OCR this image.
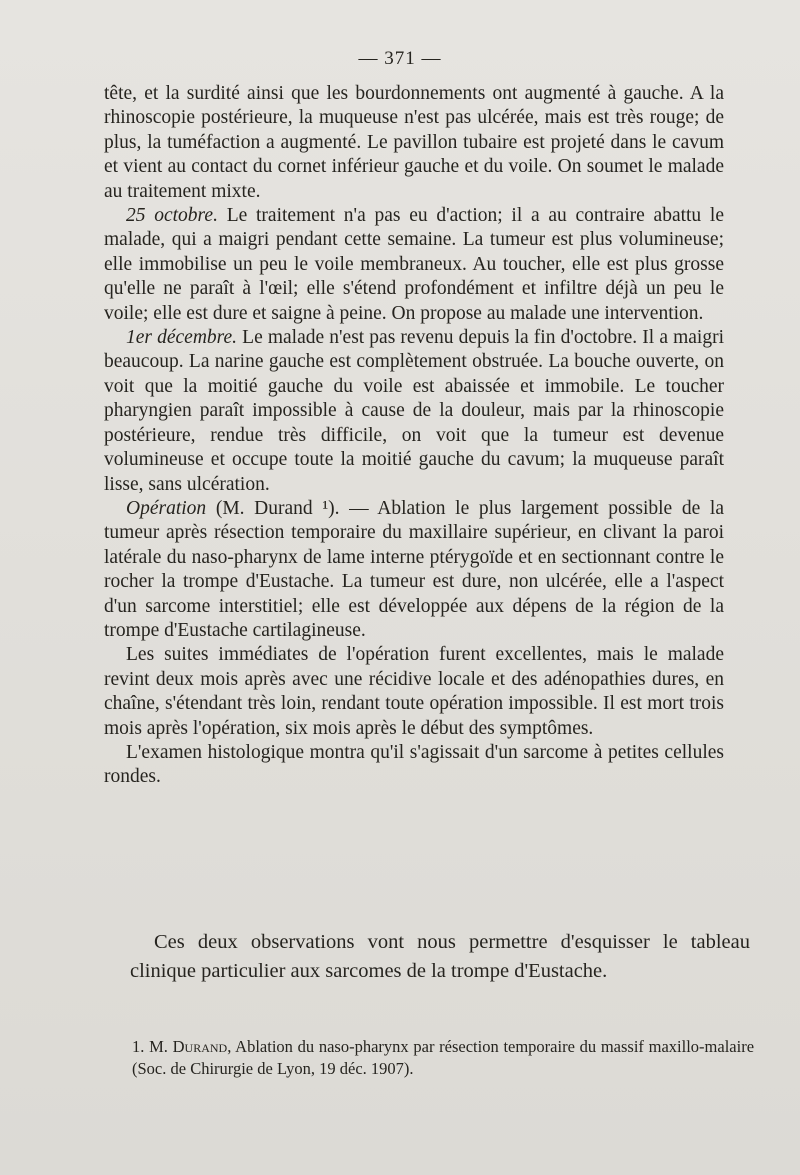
— 371 —

tête, et la surdité ainsi que les bourdonnements ont augmenté à gauche. A la rhinoscopie postérieure, la muqueuse n'est pas ulcérée, mais est très rouge; de plus, la tuméfaction a augmenté. Le pavillon tubaire est projeté dans le cavum et vient au contact du cornet inférieur gauche et du voile. On soumet le malade au traitement mixte.

25 octobre. Le traitement n'a pas eu d'action; il a au contraire abattu le malade, qui a maigri pendant cette semaine. La tumeur est plus volumineuse; elle immobilise un peu le voile membraneux. Au toucher, elle est plus grosse qu'elle ne paraît à l'œil; elle s'étend profondément et infiltre déjà un peu le voile; elle est dure et saigne à peine. On propose au malade une intervention.

1er décembre. Le malade n'est pas revenu depuis la fin d'octobre. Il a maigri beaucoup. La narine gauche est complètement obstruée. La bouche ouverte, on voit que la moitié gauche du voile est abaissée et immobile. Le toucher pharyngien paraît impossible à cause de la douleur, mais par la rhinoscopie postérieure, rendue très difficile, on voit que la tumeur est devenue volumineuse et occupe toute la moitié gauche du cavum; la muqueuse paraît lisse, sans ulcération.

Opération (M. Durand ¹). — Ablation le plus largement possible de la tumeur après résection temporaire du maxillaire supérieur, en clivant la paroi latérale du naso-pharynx de lame interne ptérygoïde et en sectionnant contre le rocher la trompe d'Eustache. La tumeur est dure, non ulcérée, elle a l'aspect d'un sarcome interstitiel; elle est développée aux dépens de la région de la trompe d'Eustache cartilagineuse.

Les suites immédiates de l'opération furent excellentes, mais le malade revint deux mois après avec une récidive locale et des adénopathies dures, en chaîne, s'étendant très loin, rendant toute opération impossible. Il est mort trois mois après l'opération, six mois après le début des symptômes.

L'examen histologique montra qu'il s'agissait d'un sarcome à petites cellules rondes.

Ces deux observations vont nous permettre d'esquisser le tableau clinique particulier aux sarcomes de la trompe d'Eustache.
1. M. Durand, Ablation du naso-pharynx par résection temporaire du massif maxillo-malaire (Soc. de Chirurgie de Lyon, 19 déc. 1907).
